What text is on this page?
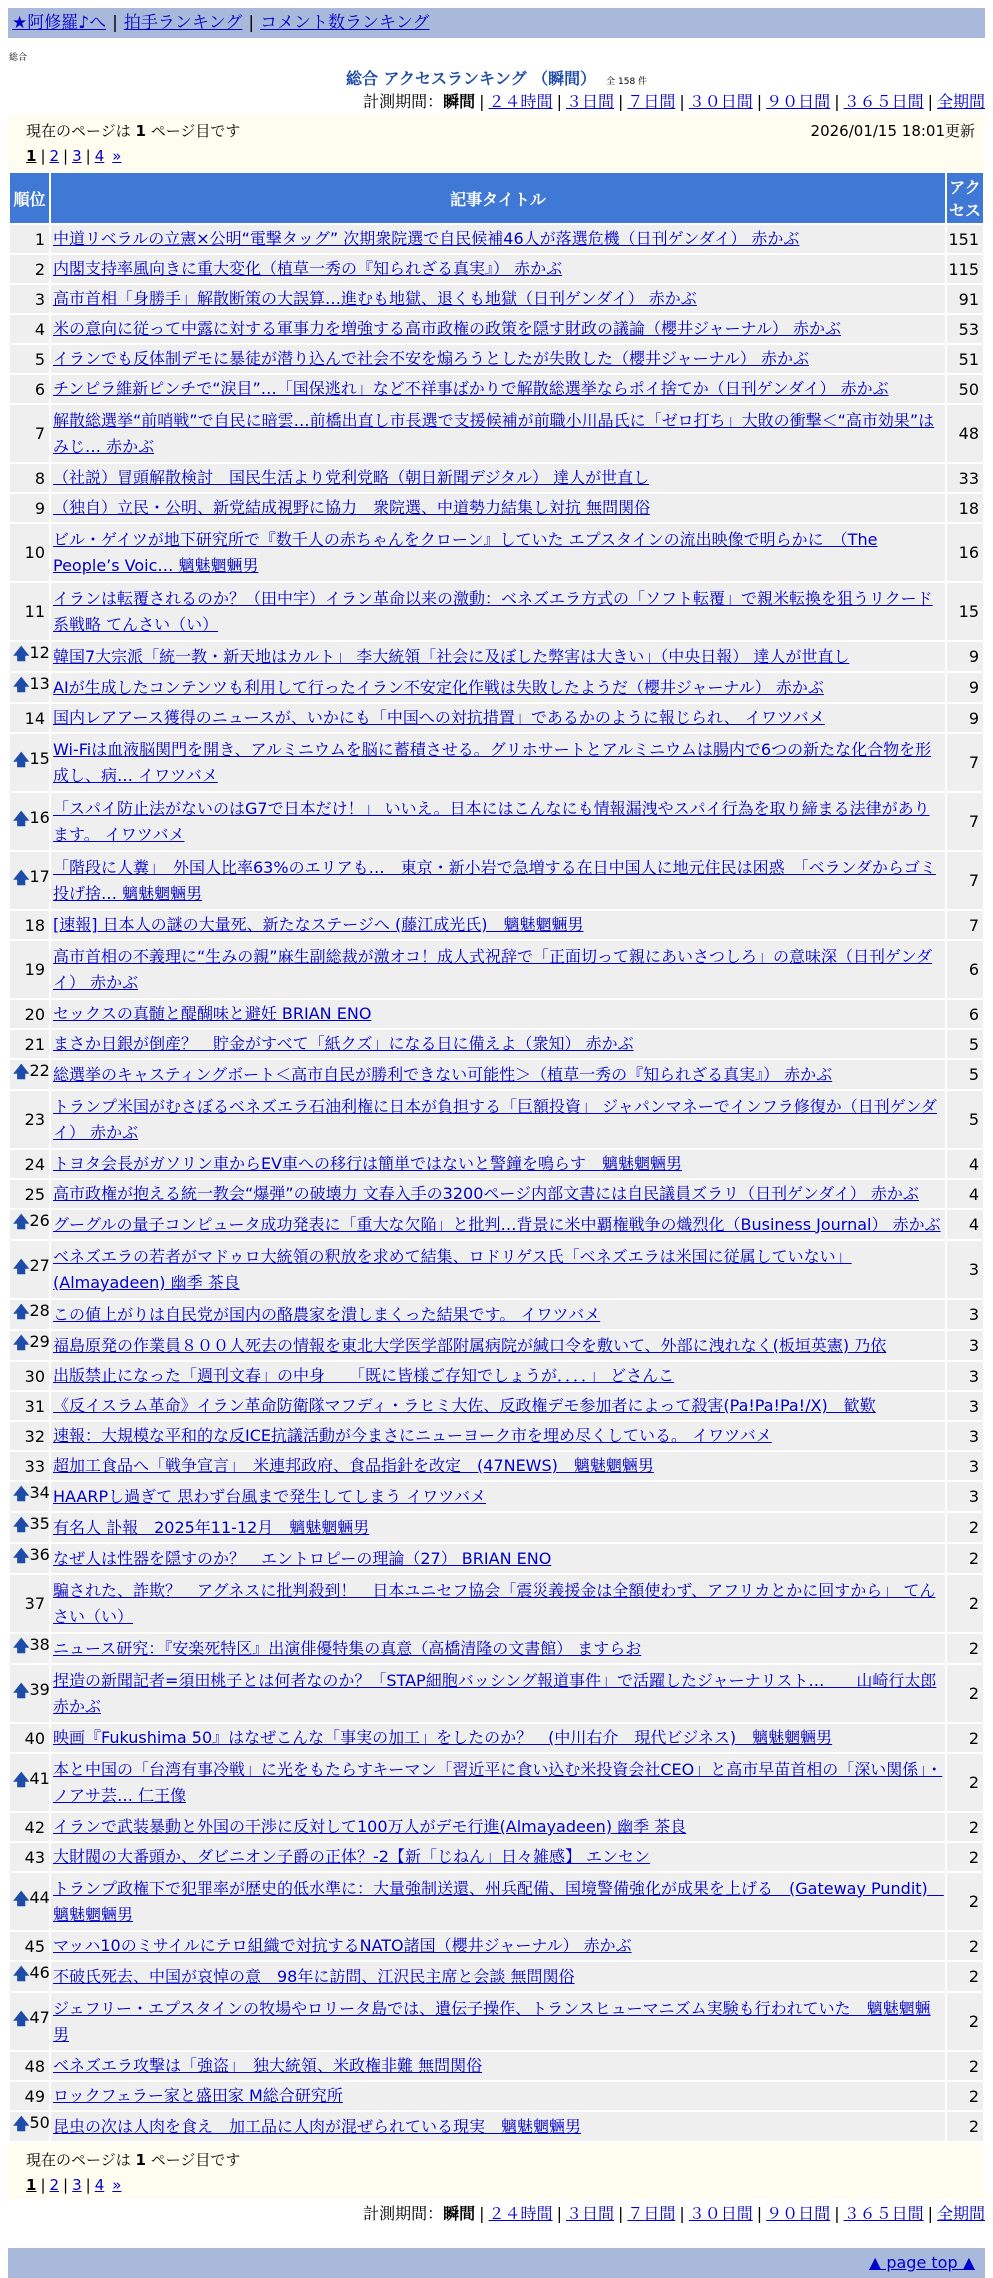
★阿修羅♪へ | 拍手ランキング | コメント数ランキング
総合
総合 アクセスランキング （瞬間） 全 158 件
計測期間：瞬間 | ２４時間 | ３日間 | ７日間 | ３０日間 | ９０日間 | ３６５日間 | 全期間
現在のページは 1 ページ目です	2026/01/15 18:01更新
1 | 2 | 3 | 4 »
順位	記事タイトル	アクセス
1	中道リベラルの立憲×公明“電撃タッグ” 次期衆院選で自民候補46人が落選危機（日刊ゲンダイ） 赤かぶ	151
2	内閣支持率風向きに重大変化（植草一秀の『知られざる真実』） 赤かぶ	115
3	高市首相「身勝手」解散断策の大誤算…進むも地獄、退くも地獄（日刊ゲンダイ） 赤かぶ	91
4	米の意向に従って中露に対する軍事力を増強する高市政権の政策を隠す財政の議論（櫻井ジャーナル） 赤かぶ	53
5	イランでも反体制デモに暴徒が潜り込んで社会不安を煽ろうとしたが失敗した（櫻井ジャーナル） 赤かぶ	51
6	チンピラ維新ピンチで“涙目”…「国保逃れ」など不祥事ばかりで解散総選挙ならポイ捨てか（日刊ゲンダイ） 赤かぶ	50
7	解散総選挙“前哨戦”で自民に暗雲…前橋出直し市長選で支援候補が前職小川晶氏に「ゼロ打ち」大敗の衝撃＜“高市効果”はみじ… 赤かぶ	48
8	（社説）冒頭解散検討　国民生活より党利党略（朝日新聞デジタル） 達人が世直し	33
9	（独自）立民・公明、新党結成視野に協力　衆院選、中道勢力結集し対抗 無問関俗	18
10	ビル・ゲイツが地下研究所で『数千人の赤ちゃんをクローン』していた エプスタインの流出映像で明らかに　（The People’s Voic… 魑魅魍魎男	16
11	イランは転覆されるのか？（田中宇）イラン革命以来の激動：ベネズエラ方式の「ソフト転覆」で親米転換を狙うリクード系戦略 てんさい（い）	15

🡅 12	韓国7大宗派「統一教・新天地はカルト」 李大統領「社会に及ぼした弊害は大きい」（中央日報） 達人が世直し	9

🡅 13	AIが生成したコンテンツも利用して行ったイラン不安定化作戦は失敗したようだ（櫻井ジャーナル） 赤かぶ	9
14	国内レアアース獲得のニュースが、いかにも「中国への対抗措置」であるかのように報じられ、 イワツバメ	9

🡅 15	Wi-Fiは血液脳関門を開き、アルミニウムを脳に蓄積させる。グリホサートとアルミニウムは腸内で6つの新たな化合物を形成し、病… イワツバメ	7

🡅 16	「スパイ防止法がないのはG7で日本だけ！」 いいえ。日本にはこんなにも情報漏洩やスパイ行為を取り締まる法律があります。 イワツバメ	7

🡅 17	「階段に人糞」　外国人比率63%のエリアも…　東京・新小岩で急増する在日中国人に地元住民は困惑　「ベランダからゴミ投げ捨… 魑魅魍魎男	7
18	[速報] 日本人の謎の大量死、新たなステージへ (藤江成光氏)　魑魅魍魎男	7
19	高市首相の不義理に“生みの親”麻生副総裁が激オコ！成人式祝辞で「正面切って親にあいさつしろ」の意味深（日刊ゲンダイ） 赤かぶ	6
20	セックスの真髄と醍醐味と避妊 BRIAN ENO	6
21	まさか日銀が倒産？　貯金がすべて「紙クズ」になる日に備えよ（衆知） 赤かぶ	5

🡅 22	総選挙のキャスティングボート＜高市自民が勝利できない可能性＞（植草一秀の『知られざる真実』） 赤かぶ	5
23	トランプ米国がむさぼるベネズエラ石油利権に日本が負担する「巨額投資」 ジャパンマネーでインフラ修復か（日刊ゲンダイ） 赤かぶ	5
24	トヨタ会長がガソリン車からEV車への移行は簡単ではないと警鐘を鳴らす　魑魅魍魎男	4
25	高市政権が抱える統一教会“爆弾”の破壊力 文春入手の3200ページ内部文書には自民議員ズラリ（日刊ゲンダイ） 赤かぶ	4

🡅 26	グーグルの量子コンピュータ成功発表に「重大な欠陥」と批判…背景に米中覇権戦争の熾烈化（Business Journal） 赤かぶ	4

🡅 27	ベネズエラの若者がマドゥロ大統領の釈放を求めて結集、ロドリゲス氏「ベネズエラは米国に従属していない」(Almayadeen) 幽季 茶良	3

🡅 28	この値上がりは自民党が国内の酪農家を潰しまくった結果です。 イワツバメ	3

🡅 29	福島原発の作業員８００人死去の情報を東北大学医学部附属病院が緘口令を敷いて、外部に洩れなく(板垣英憲) 乃依	3
30	出版禁止になった「週刊文春」の中身　　「既に皆様ご存知でしょうが．．．．」 どさんこ	3
31	《反イスラム革命》イラン革命防衛隊マフディ・ラヒミ大佐、反政権デモ参加者によって殺害(Pa!Pa!Pa!/X)　歓歎	3
32	速報：大規模な平和的な反ICE抗議活動が今まさにニューヨーク市を埋め尽くしている。 イワツバメ	3
33	超加工食品へ「戦争宣言」　米連邦政府、食品指針を改定　(47NEWS)　魑魅魍魎男	3

🡅 34	HAARPし過ぎて 思わず台風まで発生してしまう イワツバメ	3

🡅 35	有名人 訃報　2025年11-12月　魑魅魍魎男	2

🡅 36	なぜ人は性器を隠すのか？　エントロピーの理論（27） BRIAN ENO	2
37	騙された、詐欺？　アグネスに批判殺到！　日本ユニセフ協会「震災義援金は全額使わず、アフリカとかに回すから」 てんさい（い）	2

🡅 38	ニュース研究：『安楽死特区』出演俳優特集の真意（高橋清隆の文書館） ますらお	2

🡅 39	捏造の新聞記者=須田桃子とは何者なのか？「STAP細胞バッシング報道事件」で活躍したジャーナリスト…　　山崎行太郎 赤かぶ	2
40	映画『Fukushima 50』はなぜこんな「事実の加工」をしたのか？　(中川右介　現代ビジネス)　魑魅魍魎男	2

🡅 41	本と中国の「台湾有事冷戦」に光をもたらすキーマン「習近平に食い込む米投資会社CEO」と高市早苗首相の「深い関係」・ノアサ芸… 仁王像	2
42	イランで武装暴動と外国の干渉に反対して100万人がデモ行進(Almayadeen) 幽季 茶良	2
43	大財閥の大番頭か、ダビニオン子爵の正体？-2【新「じねん」日々雑感】 エンセン	2

🡅 44	トランプ政権下で犯罪率が歴史的低水準に：大量強制送還、州兵配備、国境警備強化が成果を上げる　(Gateway Pundit)　魑魅魍魎男	2
45	マッハ10のミサイルにテロ組織で対抗するNATO諸国（櫻井ジャーナル） 赤かぶ	2

🡅 46	不破氏死去、中国が哀悼の意　98年に訪問、江沢民主席と会談 無問関俗	2

🡅 47	ジェフリー・エプスタインの牧場やロリータ島では、遺伝子操作、トランスヒューマニズム実験も行われていた　魑魅魍魎男	2
48	ベネズエラ攻撃は「強盗」　独大統領、米政権非難 無問関俗	2
49	ロックフェラー家と盛田家 M総合研究所	2

🡅 50	昆虫の次は人肉を食え　加工品に人肉が混ぜられている現実　魑魅魍魎男	2
現在のページは 1 ページ目です
1 | 2 | 3 | 4 »
計測期間：瞬間 | ２４時間 | ３日間 | ７日間 | ３０日間 | ９０日間 | ３６５日間 | 全期間
▲ page top ▲
